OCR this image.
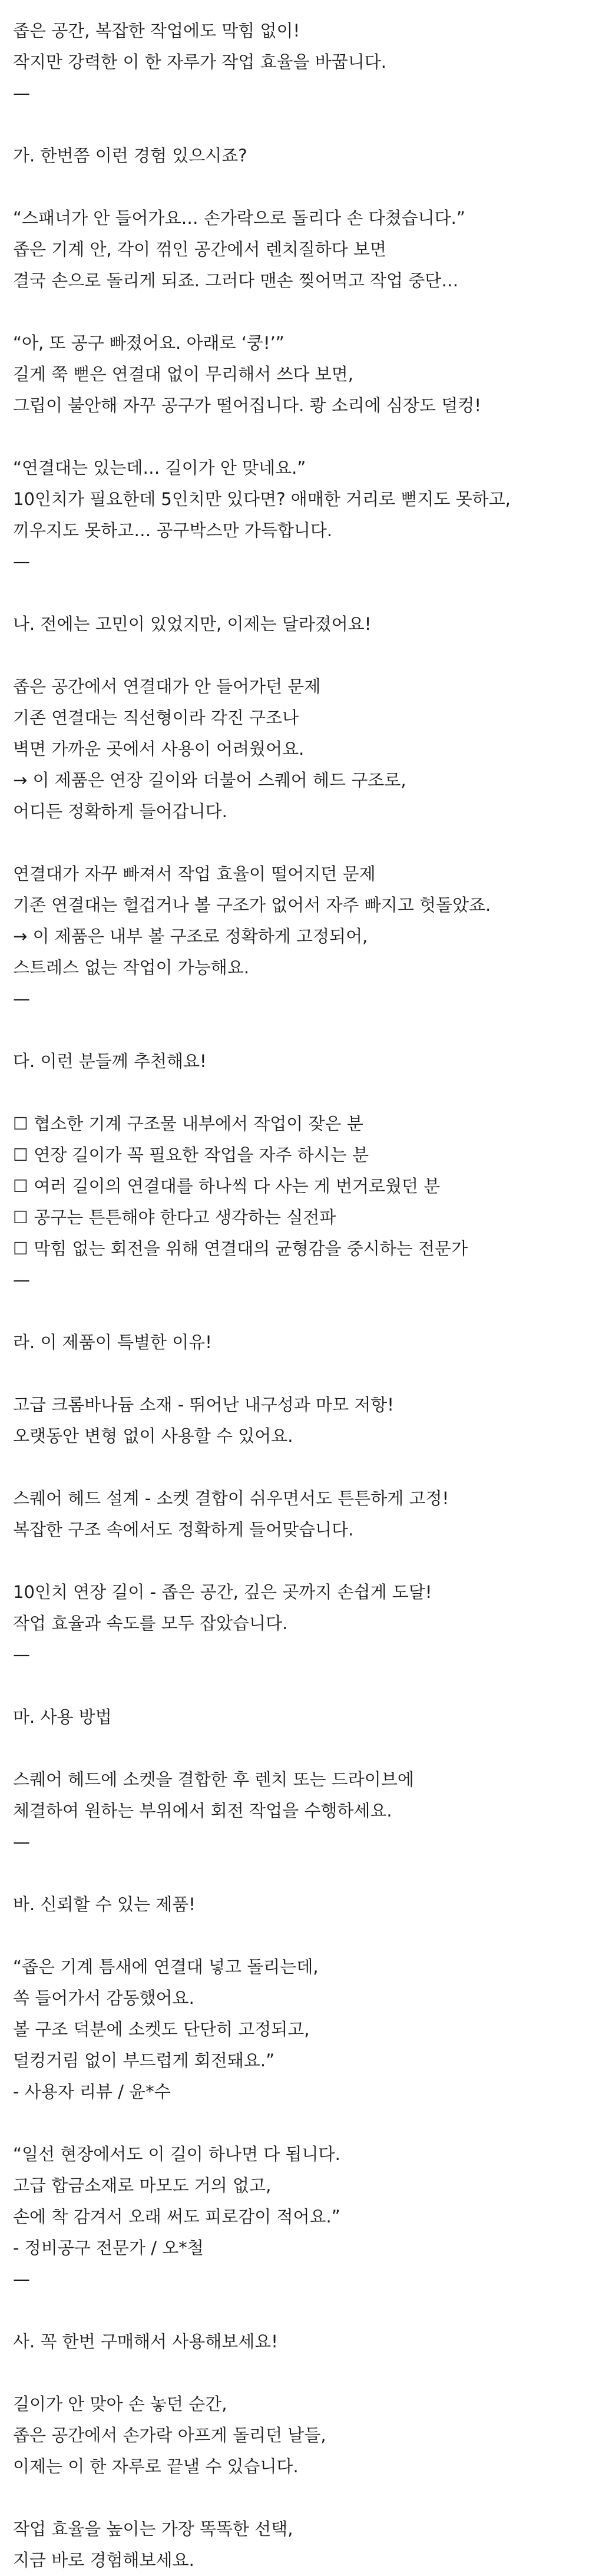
좁은 공간, 복잡한 작업에도 막힘 없이!
작지만 강력한 이 한 자루가 작업 효율을 바꿉니다.
—
가. 한번쯤 이런 경험 있으시죠?
“스패너가 안 들어가요… 손가락으로 돌리다 손 다쳤습니다.”
좁은 기계 안, 각이 꺾인 공간에서 렌치질하다 보면
결국 손으로 돌리게 되죠. 그러다 맨손 찢어먹고 작업 중단…
“아, 또 공구 빠졌어요. 아래로 ‘쿵!’”
길게 쭉 뻗은 연결대 없이 무리해서 쓰다 보면,
그립이 불안해 자꾸 공구가 떨어집니다. 쾅 소리에 심장도 덜컹!
“연결대는 있는데… 길이가 안 맞네요.”
10인치가 필요한데 5인치만 있다면? 애매한 거리로 뻗지도 못하고,
끼우지도 못하고… 공구박스만 가득합니다.
—
나. 전에는 고민이 있었지만, 이제는 달라졌어요!
좁은 공간에서 연결대가 안 들어가던 문제
기존 연결대는 직선형이라 각진 구조나
벽면 가까운 곳에서 사용이 어려웠어요.
→ 이 제품은 연장 길이와 더불어 스퀘어 헤드 구조로,
어디든 정확하게 들어갑니다.
연결대가 자꾸 빠져서 작업 효율이 떨어지던 문제
기존 연결대는 헐겁거나 볼 구조가 없어서 자주 빠지고 헛돌았죠.
→ 이 제품은 내부 볼 구조로 정확하게 고정되어,
스트레스 없는 작업이 가능해요.
—
다. 이런 분들께 추천해요!
☐ 협소한 기계 구조물 내부에서 작업이 잦은 분
☐ 연장 길이가 꼭 필요한 작업을 자주 하시는 분
☐ 여러 길이의 연결대를 하나씩 다 사는 게 번거로웠던 분
☐ 공구는 튼튼해야 한다고 생각하는 실전파
☐ 막힘 없는 회전을 위해 연결대의 균형감을 중시하는 전문가
—
라. 이 제품이 특별한 이유!
고급 크롬바나듐 소재 - 뛰어난 내구성과 마모 저항!
오랫동안 변형 없이 사용할 수 있어요.
스퀘어 헤드 설계 - 소켓 결합이 쉬우면서도 튼튼하게 고정!
복잡한 구조 속에서도 정확하게 들어맞습니다.
10인치 연장 길이 - 좁은 공간, 깊은 곳까지 손쉽게 도달!
작업 효율과 속도를 모두 잡았습니다.
—
마. 사용 방법
스퀘어 헤드에 소켓을 결합한 후 렌치 또는 드라이브에
체결하여 원하는 부위에서 회전 작업을 수행하세요.
—
바. 신뢰할 수 있는 제품!
“좁은 기계 틈새에 연결대 넣고 돌리는데,
쏙 들어가서 감동했어요.
볼 구조 덕분에 소켓도 단단히 고정되고,
덜컹거림 없이 부드럽게 회전돼요.”
- 사용자 리뷰 / 윤*수
“일선 현장에서도 이 길이 하나면 다 됩니다.
고급 합금소재로 마모도 거의 없고,
손에 착 감겨서 오래 써도 피로감이 적어요.”
- 정비공구 전문가 / 오*철
—
사. 꼭 한번 구매해서 사용해보세요!
길이가 안 맞아 손 놓던 순간,
좁은 공간에서 손가락 아프게 돌리던 날들,
이제는 이 한 자루로 끝낼 수 있습니다.
작업 효율을 높이는 가장 똑똑한 선택,
지금 바로 경험해보세요.
